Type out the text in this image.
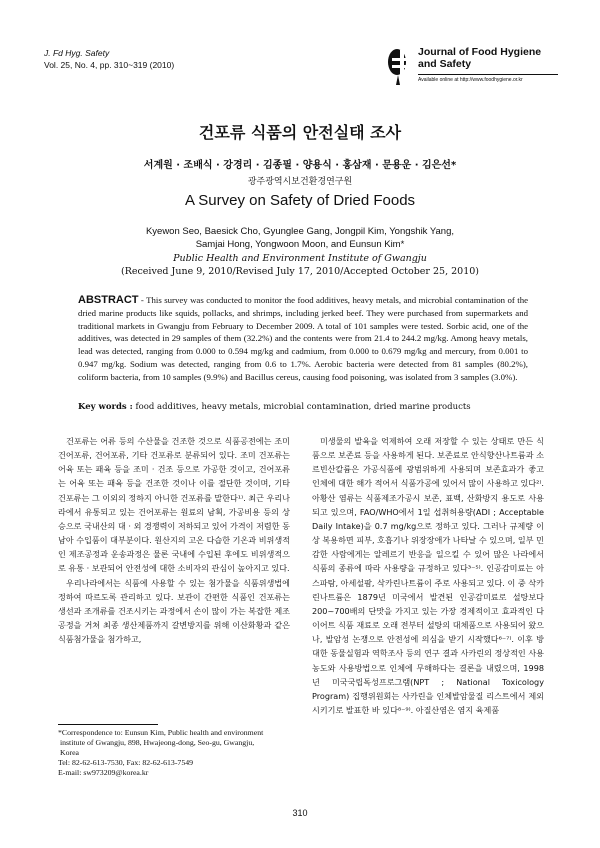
J. Fd Hyg. Safety
Vol. 25, No. 4, pp. 310~319 (2010)
Journal of Food Hygiene
and Safety
Available online at http://www.foodhygiene.or.kr
건포류 식품의 안전실태 조사
서계원 · 조배식 · 강경리 · 김종필 · 양용식 · 홍삼재 · 문용운 · 김은선*
광주광역시보건환경연구원
A Survey on Safety of Dried Foods
Kyewon Seo, Baesick Cho, Gyunglee Gang, Jongpil Kim, Yongshik Yang, Samjai Hong, Yongwoon Moon, and Eunsun Kim*
Public Health and Environment Institute of Gwangju
(Received June 9, 2010/Revised July 17, 2010/Accepted October 25, 2010)
ABSTRACT - This survey was conducted to monitor the food additives, heavy metals, and microbial contamination of the dried marine products like squids, pollacks, and shrimps, including jerked beef. They were purchased from supermarkets and traditional markets in Gwangju from February to December 2009. A total of 101 samples were tested. Sorbic acid, one of the additives, was detected in 29 samples of them (32.2%) and the contents were from 21.4 to 244.2 mg/kg. Among heavy metals, lead was detected, ranging from 0.000 to 0.594 mg/kg and cadmium, from 0.000 to 0.679 mg/kg and mercury, from 0.001 to 0.947 mg/kg. Sodium was detected, ranging from 0.6 to 1.7%. Aerobic bacteria were detected from 81 samples (80.2%), coliform bacteria, from 10 samples (9.9%) and Bacillus cereus, causing food poisoning, was isolated from 3 samples (3.0%).
Key words : food additives, heavy metals, microbial contamination, dried marine products

건포류는 어류 등의 수산물을 건조한 것으로 식품공전에는 조미 건어포류, 건어포류, 기타 건포류로 분류되어 있다. 조미 건포류는 어육 또는 패육 등을 조미 · 건조 등으로 가공한 것이고, 건어포류는 어육 또는 패육 등을 건조한 것이나 이를 절단한 것이며, 기타 건포류는 그 이외의 정하지 아니한 건포류를 말한다¹⁾. 최근 우리나라에서 유통되고 있는 건어포류는 원료의 남획, 가공비용 등의 상승으로 국내산의 대 · 외 경쟁력이 저하되고 있어 가격이 저렴한 동남아 수입품이 대부분이다. 원산지의 고온 다습한 기온과 비위생적인 제조공정과 운송과정은 물론 국내에 수입된 후에도 비위생적으로 유통 · 보관되어 안전성에 대한 소비자의 관심이 높아지고 있다.

우리나라에서는 식품에 사용할 수 있는 첨가물을 식품위생법에 정하여 따르도록 관리하고 있다. 보관이 간편한 식품인 건포류는 생선과 조개류를 건조시키는 과정에서 손이 많이 가는 복잡한 제조 공정을 거쳐 최종 생산제품까지 갈변방지를 위해 이산화황과 같은 식품첨가물을 첨가하고,

미생물의 발육을 억제하여 오래 저장할 수 있는 상태로 만든 식품으로 보존료 등을 사용하게 된다. 보존료로 안식향산나트륨과 소르빈산칼륨은 가공식품에 광범위하게 사용되며 보존효과가 좋고 인체에 대한 해가 적어서 식품가공에 있어서 많이 사용하고 있다²⁾. 아황산 염류는 식품제조가공시 보존, 표백, 산화방지 용도로 사용되고 있으며, FAO/WHO에서 1일 섭취허용량(ADI ; Acceptable Daily Intake)을 0.7 mg/kg으로 정하고 있다. 그러나 규제량 이상 복용하면 피부, 호흡기나 위장장애가 나타날 수 있으며, 일부 민감한 사람에게는 알레르기 반응을 일으킬 수 있어 많은 나라에서 식품의 종류에 따라 사용량을 규정하고 있다³⁻⁵⁾. 인공감미료는 아스파탐, 아세설팜, 삭카린나트륨이 주로 사용되고 있다. 이 중 삭카린나트륨은 1879년 미국에서 발견된 인공감미료로 설탕보다 200~700배의 단맛을 가지고 있는 가장 경제적이고 효과적인 다이어트 식품 재료로 오래 전부터 설탕의 대체품으로 사용되어 왔으나, 발암성 논쟁으로 안전성에 의심을 받기 시작했다⁶⁻⁷⁾. 이후 방대한 동물실험과 역학조사 등의 연구 결과 사카린의 정상적인 사용농도와 사용방법으로 인체에 무해하다는 결론을 내렸으며, 1998년 미국국립독성프로그램(NPT ; National Toxicology Program) 집행위원회는 사카린을 인체발암물질 리스트에서 제외시키기로 발표한 바 있다⁸⁻⁹⁾. 아질산염은 염지 육제품

*Correspondence to: Eunsun Kim, Public health and environment
institute of Gwangju, 898, Hwajeong-dong, Seo-gu, Gwangju,
Korea
Tel: 82-62-613-7530, Fax: 82-62-613-7549
E-mail: sw973209@korea.kr
310
